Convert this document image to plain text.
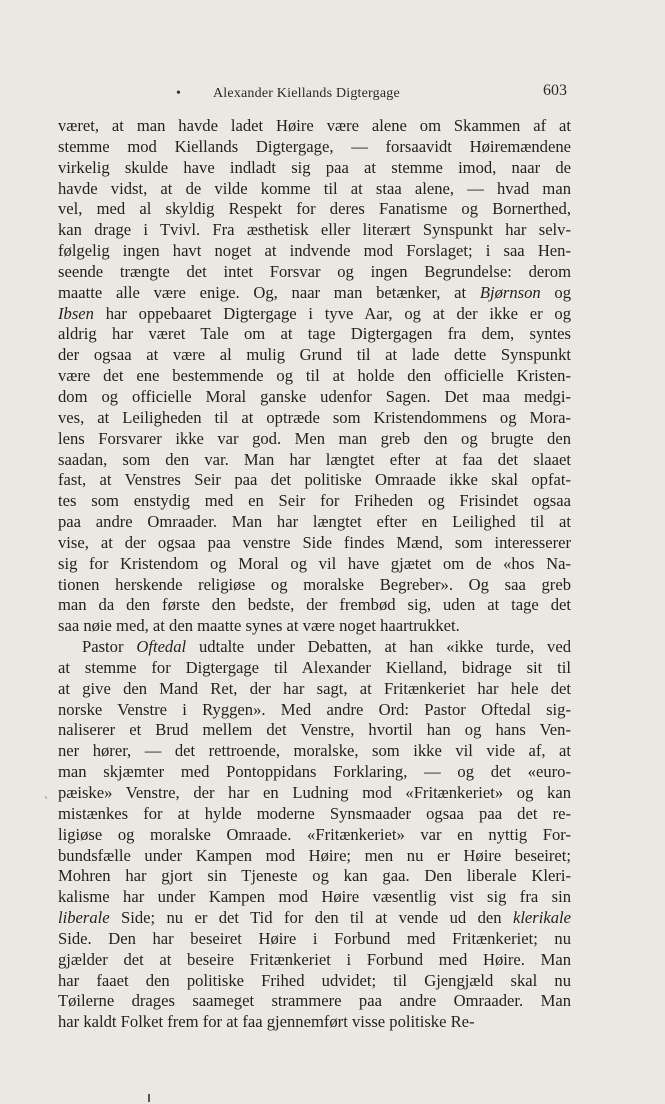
• Alexander Kiellands Digtergage	603
været, at man havde ladet Høire være alene om Skammen af at
stemme mod Kiellands Digtergage, — forsaavidt Høiremændene
virkelig skulde have indladt sig paa at stemme imod, naar de
havde vidst, at de vilde komme til at staa alene, — hvad man
vel, med al skyldig Respekt for deres Fanatisme og Bornerthed,
kan drage i Tvivl. Fra æsthetisk eller literært Synspunkt har selv-
følgelig ingen havt noget at indvende mod Forslaget; i saa Hen-
seende trængte det intet Forsvar og ingen Begrundelse: derom
maatte alle være enige. Og, naar man betænker, at Bjørnson og
Ibsen har oppebaaret Digtergage i tyve Aar, og at der ikke er og
aldrig har været Tale om at tage Digtergagen fra dem, syntes
der ogsaa at være al mulig Grund til at lade dette Synspunkt
være det ene bestemmende og til at holde den officielle Kristen-
dom og officielle Moral ganske udenfor Sagen. Det maa medgi-
ves, at Leiligheden til at optræde som Kristendommens og Mora-
lens Forsvarer ikke var god. Men man greb den og brugte den
saadan, som den var. Man har længtet efter at faa det slaaet
fast, at Venstres Seir paa det politiske Omraade ikke skal opfat-
tes som enstydig med en Seir for Friheden og Frisindet ogsaa
paa andre Omraader. Man har længtet efter en Leilighed til at
vise, at der ogsaa paa venstre Side findes Mænd, som interesserer
sig for Kristendom og Moral og vil have gjætet om de «hos Na-
tionen herskende religiøse og moralske Begreber». Og saa greb
man da den første den bedste, der frembød sig, uden at tage det
saa nøie med, at den maatte synes at være noget haartrukket.
Pastor Oftedal udtalte under Debatten, at han «ikke turde, ved
at stemme for Digtergage til Alexander Kielland, bidrage sit til
at give den Mand Ret, der har sagt, at Fritænkeriet har hele det
norske Venstre i Ryggen». Med andre Ord: Pastor Oftedal sig-
naliserer et Brud mellem det Venstre, hvortil han og hans Ven-
ner hører, — det rettroende, moralske, som ikke vil vide af, at
man skjæmter med Pontoppidans Forklaring, — og det «euro-
pæiske» Venstre, der har en Ludning mod «Fritænkeriet» og kan
mistænkes for at hylde moderne Synsmaader ogsaa paa det re-
ligiøse og moralske Omraade. «Fritænkeriet» var en nyttig For-
bundsfælle under Kampen mod Høire; men nu er Høire beseiret;
Mohren har gjort sin Tjeneste og kan gaa. Den liberale Kleri-
kalisme har under Kampen mod Høire væsentlig vist sig fra sin
liberale Side; nu er det Tid for den til at vende ud den klerikale
Side. Den har beseiret Høire i Forbund med Fritænkeriet; nu
gjælder det at beseire Fritænkeriet i Forbund med Høire. Man
har faaet den politiske Frihed udvidet; til Gjengjæld skal nu
Tøilerne drages saameget strammere paa andre Omraader. Man
har kaldt Folket frem for at faa gjennemført visse politiske Re-
`
